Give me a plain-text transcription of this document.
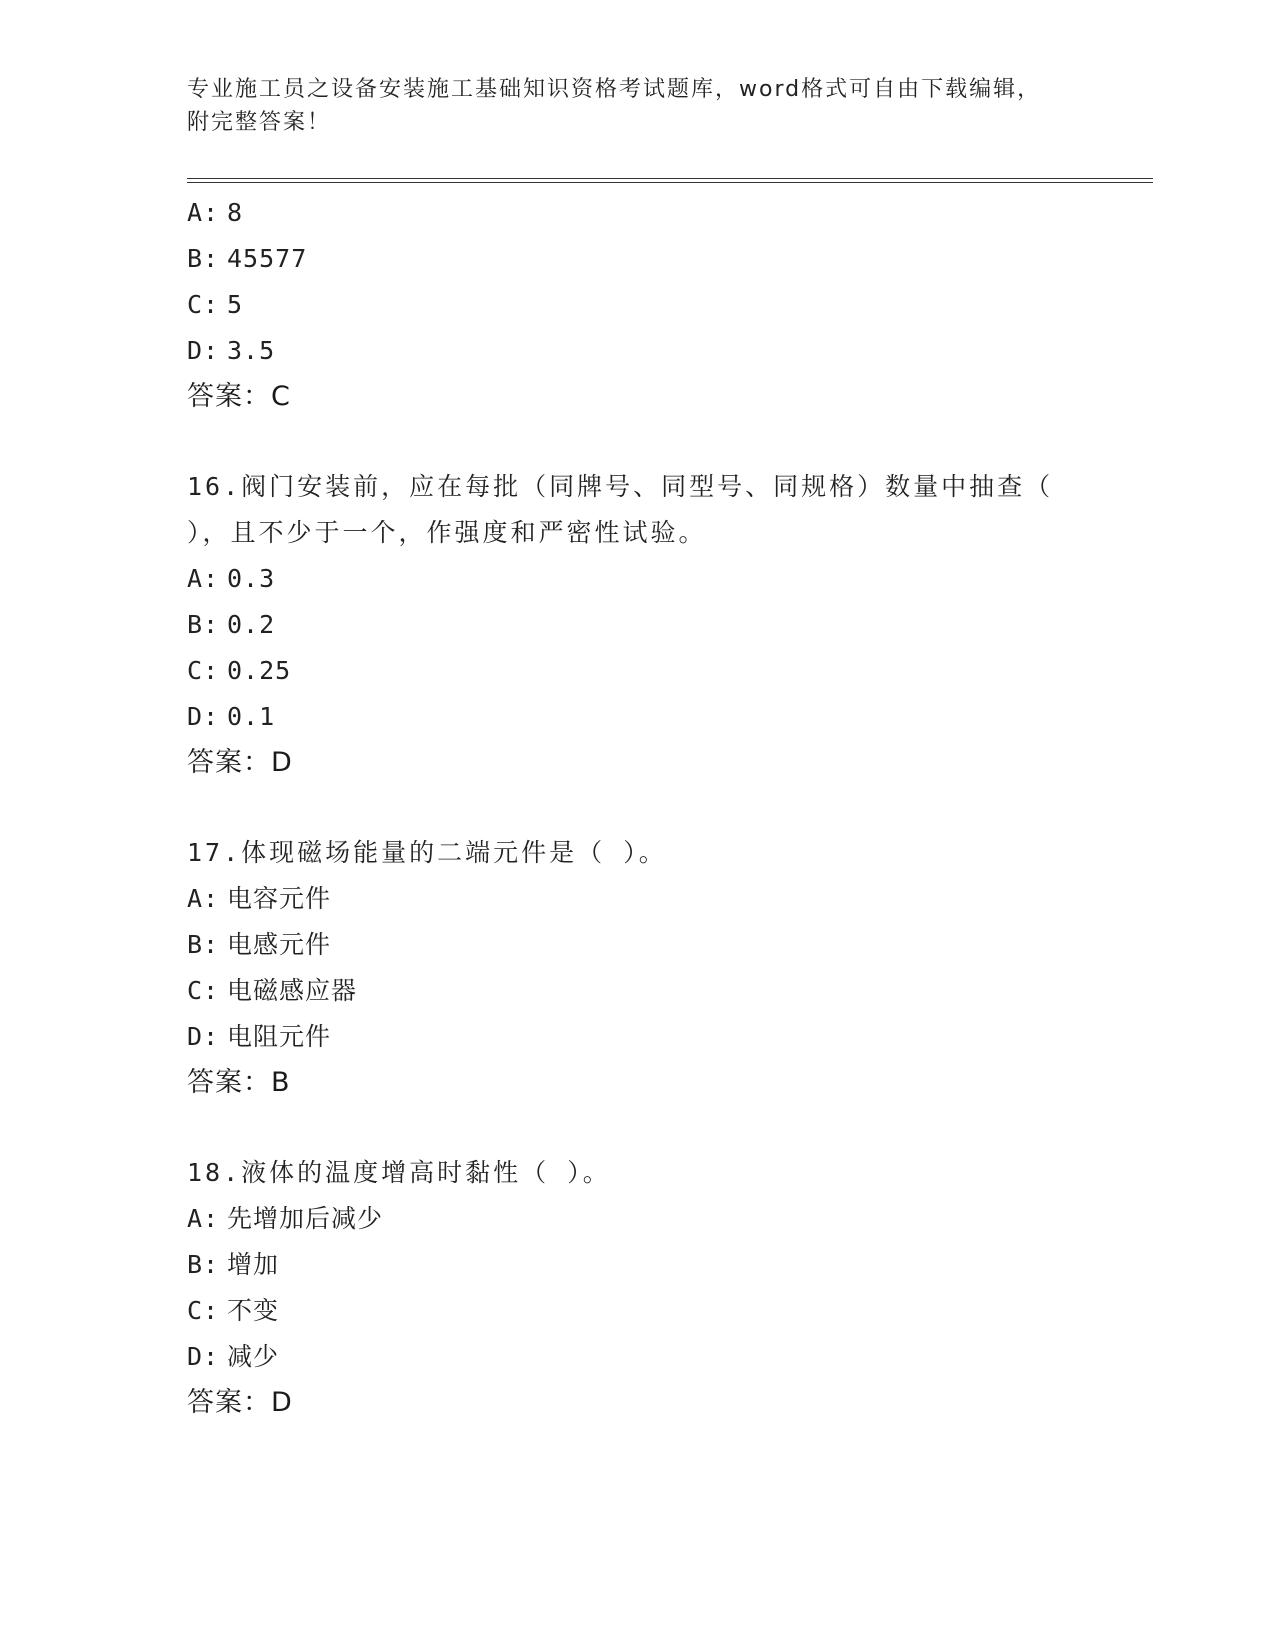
专业施工员之设备安装施工基础知识资格考试题库，word格式可自由下载编辑，
附完整答案！
A: 8
B: 45577
C: 5
D: 3.5
答案：C
16.阀门安装前，应在每批（同牌号、同型号、同规格）数量中抽查（
），且不少于一个，作强度和严密性试验。
A: 0.3
B: 0.2
C: 0.25
D: 0.1
答案：D
17.体现磁场能量的二端元件是（ ）。
A: 电容元件
B: 电感元件
C: 电磁感应器
D: 电阻元件
答案：B
18.液体的温度增高时黏性（ ）。
A: 先增加后减少
B: 增加
C: 不变
D: 减少
答案：D
